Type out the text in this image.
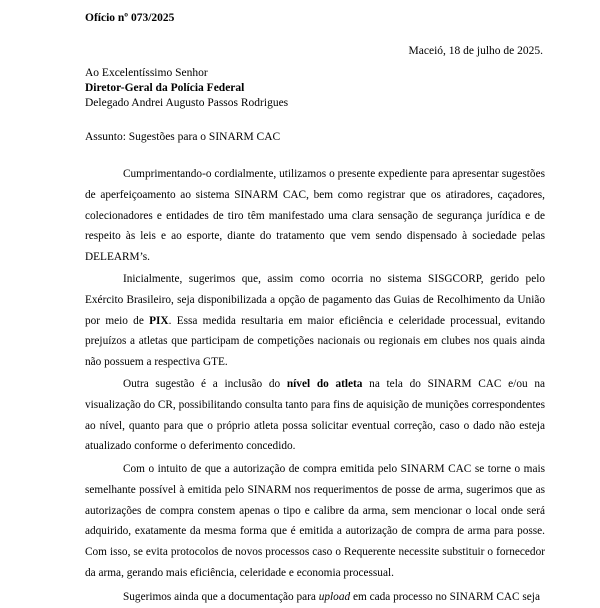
Ofício nº 073/2025
Maceió, 18 de julho de 2025.
Ao Excelentíssimo Senhor
Diretor-Geral da Polícia Federal
Delegado Andrei Augusto Passos Rodrigues
Assunto: Sugestões para o SINARM CAC

Cumprimentando-o cordialmente, utilizamos o presente expediente para apresentar sugestões de aperfeiçoamento ao sistema SINARM CAC, bem como registrar que os atiradores, caçadores, colecionadores e entidades de tiro têm manifestado uma clara sensação de segurança jurídica e de respeito às leis e ao esporte, diante do tratamento que vem sendo dispensado à sociedade pelas DELEARM’s.

Inicialmente, sugerimos que, assim como ocorria no sistema SISGCORP, gerido pelo Exército Brasileiro, seja disponibilizada a opção de pagamento das Guias de Recolhimento da União por meio de PIX. Essa medida resultaria em maior eficiência e celeridade processual, evitando prejuízos a atletas que participam de competições nacionais ou regionais em clubes nos quais ainda não possuem a respectiva GTE.

Outra sugestão é a inclusão do nível do atleta na tela do SINARM CAC e/ou na visualização do CR, possibilitando consulta tanto para fins de aquisição de munições correspondentes ao nível, quanto para que o próprio atleta possa solicitar eventual correção, caso o dado não esteja atualizado conforme o deferimento concedido.

Com o intuito de que a autorização de compra emitida pelo SINARM CAC se torne o mais semelhante possível à emitida pelo SINARM nos requerimentos de posse de arma, sugerimos que as autorizações de compra constem apenas o tipo e calibre da arma, sem mencionar o local onde será adquirido, exatamente da mesma forma que é emitida a autorização de compra de arma para posse. Com isso, se evita protocolos de novos processos caso o Requerente necessite substituir o fornecedor da arma, gerando mais eficiência, celeridade e economia processual.

Sugerimos ainda que a documentação para upload em cada processo no SINARM CAC seja
